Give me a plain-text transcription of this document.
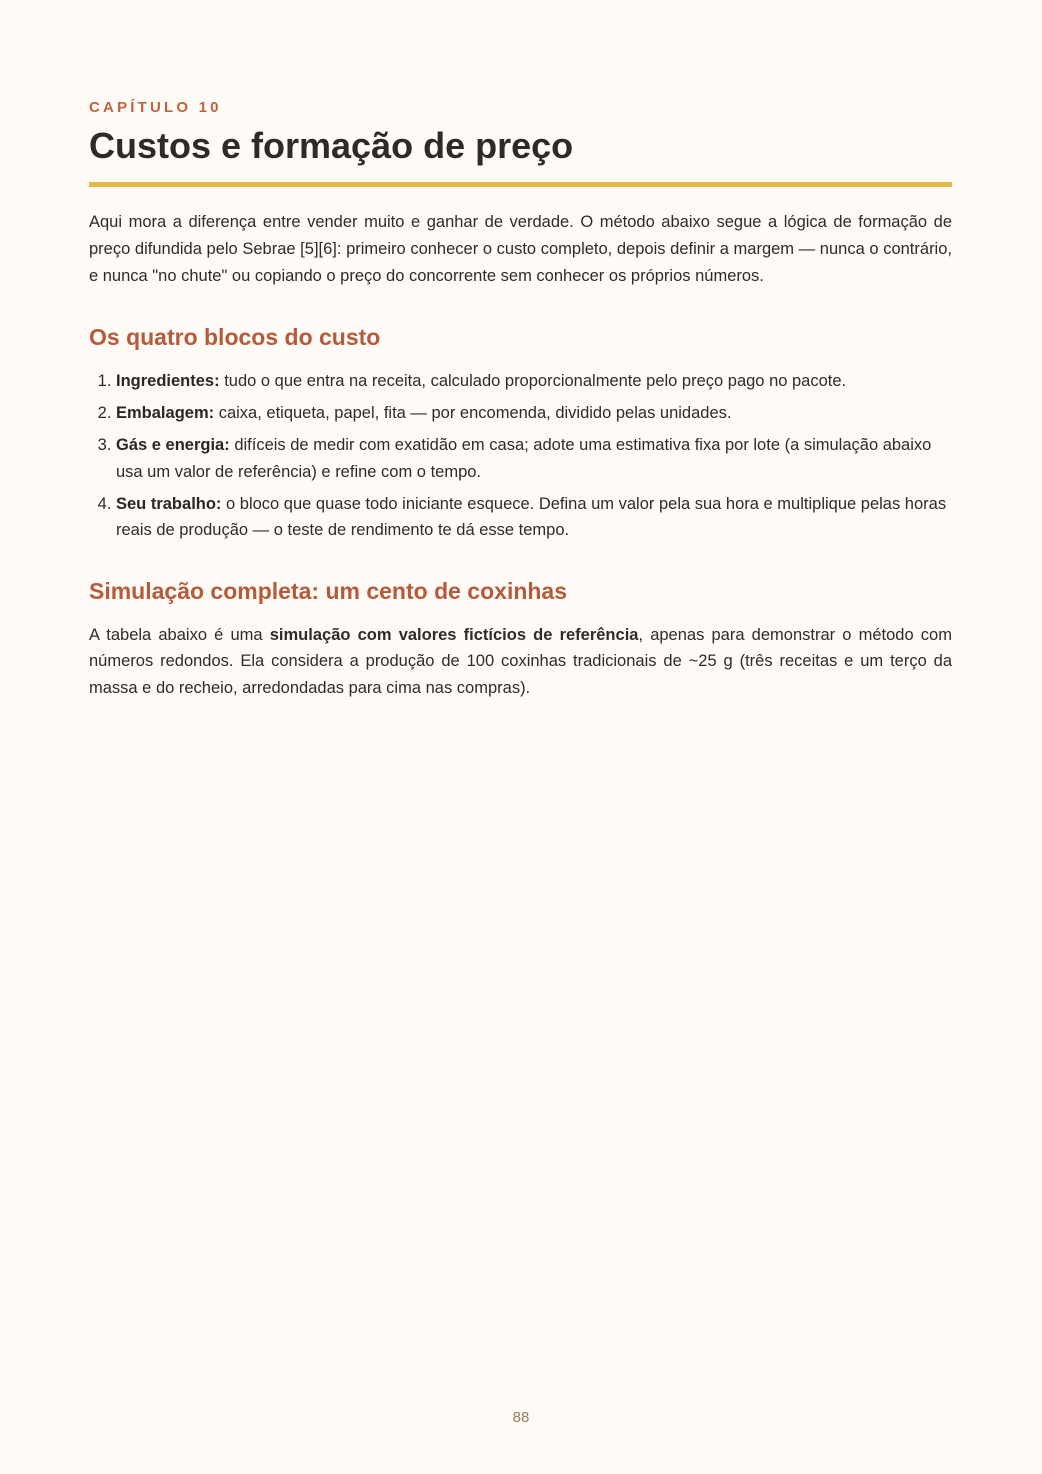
CAPÍTULO 10

Custos e formação de preço

Aqui mora a diferença entre vender muito e ganhar de verdade. O método abaixo segue a lógica de formação de preço difundida pelo Sebrae [5][6]: primeiro conhecer o custo completo, depois definir a margem — nunca o contrário, e nunca "no chute" ou copiando o preço do concorrente sem conhecer os próprios números.

Os quatro blocos do custo
1. Ingredientes: tudo o que entra na receita, calculado proporcionalmente pelo preço pago no pacote.
2. Embalagem: caixa, etiqueta, papel, fita — por encomenda, dividido pelas unidades.
3. Gás e energia: difíceis de medir com exatidão em casa; adote uma estimativa fixa por lote (a simulação abaixo usa um valor de referência) e refine com o tempo.
4. Seu trabalho: o bloco que quase todo iniciante esquece. Defina um valor pela sua hora e multiplique pelas horas reais de produção — o teste de rendimento te dá esse tempo.
Simulação completa: um cento de coxinhas

A tabela abaixo é uma simulação com valores fictícios de referência, apenas para demonstrar o método com números redondos. Ela considera a produção de 100 coxinhas tradicionais de ~25 g (três receitas e um terço da massa e do recheio, arredondadas para cima nas compras).

88
